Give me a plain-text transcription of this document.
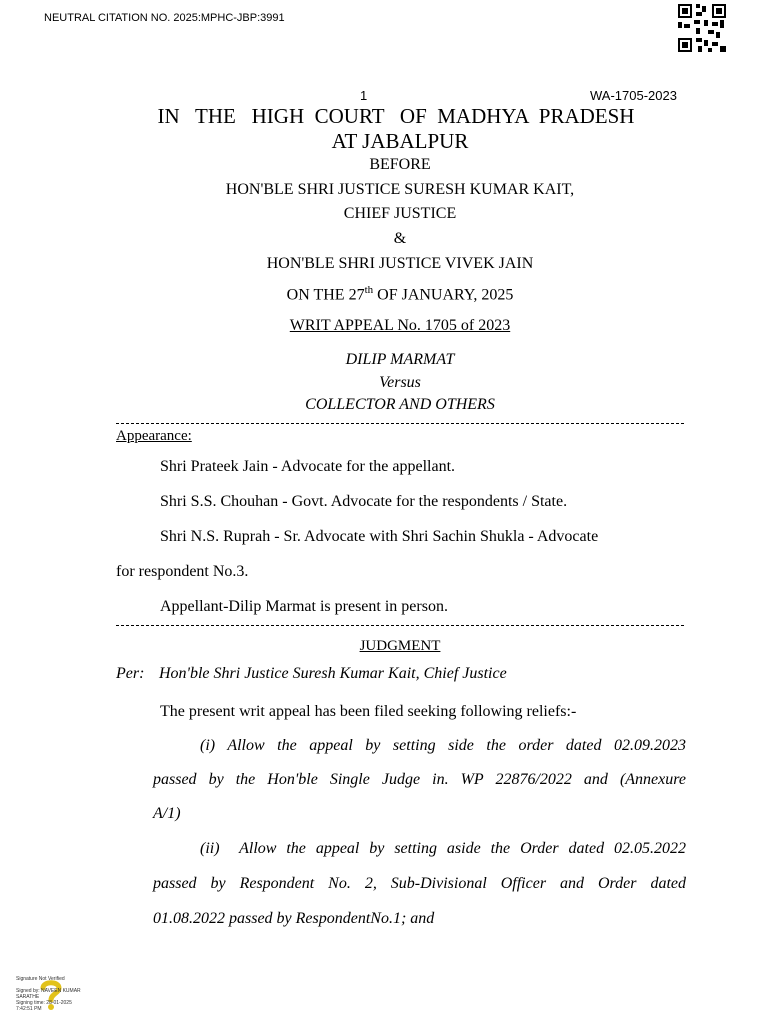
NEUTRAL CITATION NO. 2025:MPHC-JBP:3991
1	WA-1705-2023
IN   THE   HIGH  COURT   OF  MADHYA  PRADESH
AT JABALPUR
BEFORE
HON'BLE SHRI JUSTICE SURESH KUMAR KAIT,
CHIEF JUSTICE
&
HON'BLE SHRI JUSTICE VIVEK JAIN
ON THE 27th OF JANUARY, 2025
WRIT APPEAL No. 1705 of 2023
DILIP MARMAT
Versus
COLLECTOR AND OTHERS
Appearance:
Shri Prateek Jain - Advocate for the appellant.
Shri S.S. Chouhan - Govt. Advocate for the respondents / State.
Shri N.S. Ruprah - Sr. Advocate with Shri Sachin Shukla - Advocate
for respondent No.3.
Appellant-Dilip Marmat is present in person.
JUDGMENT
Per: Hon'ble Shri Justice Suresh Kumar Kait, Chief Justice
The present writ appeal has been filed seeking following reliefs:-
(i) Allow the appeal by setting side the order dated 02.09.2023
passed by the Hon'ble Single Judge in. WP 22876/2022 and (Annexure
A/1)
(ii)  Allow the appeal by setting aside the Order dated 02.05.2022
passed by Respondent No. 2, Sub-Divisional Officer and Order dated
01.08.2022 passed by RespondentNo.1; and
Signature Not Verified
Signed by: NAVEEN KUMAR
SARATHE
Signing time: 28-01-2025
7:42:51 PM
